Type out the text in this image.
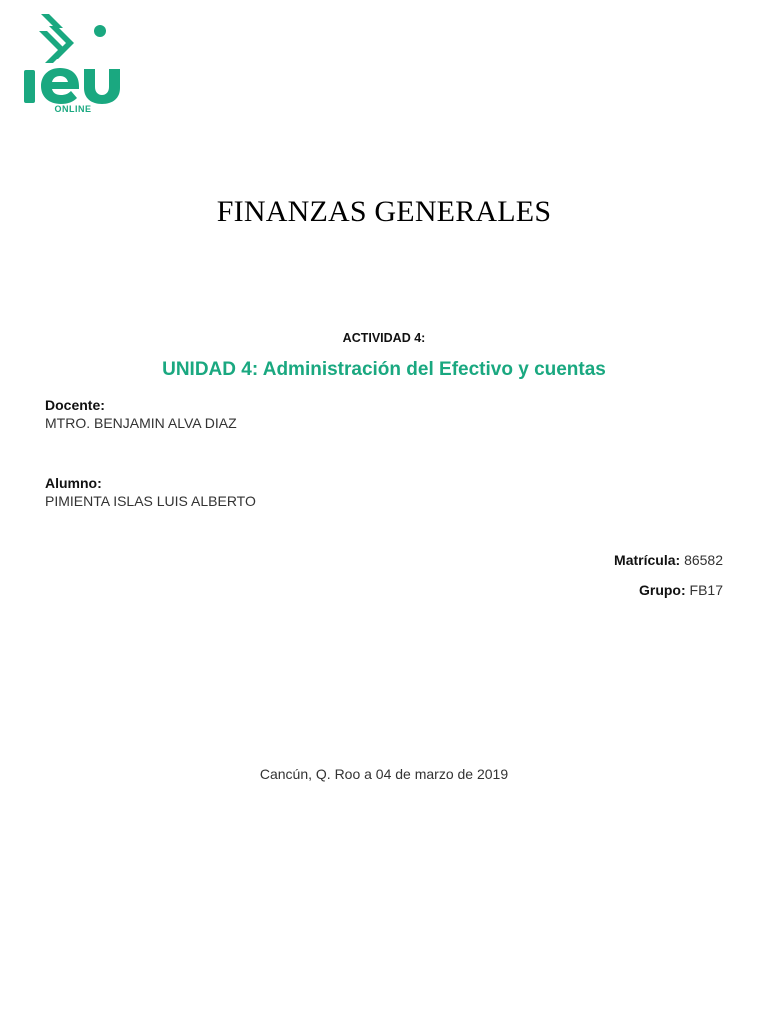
ONLINE
FINANZAS GENERALES
ACTIVIDAD 4:
UNIDAD 4: Administración del Efectivo y cuentas
Docente:
MTRO. BENJAMIN ALVA DIAZ
Alumno:
PIMIENTA ISLAS LUIS ALBERTO
Matrícula: 86582
Grupo: FB17
Cancún, Q. Roo a 04 de marzo de 2019
